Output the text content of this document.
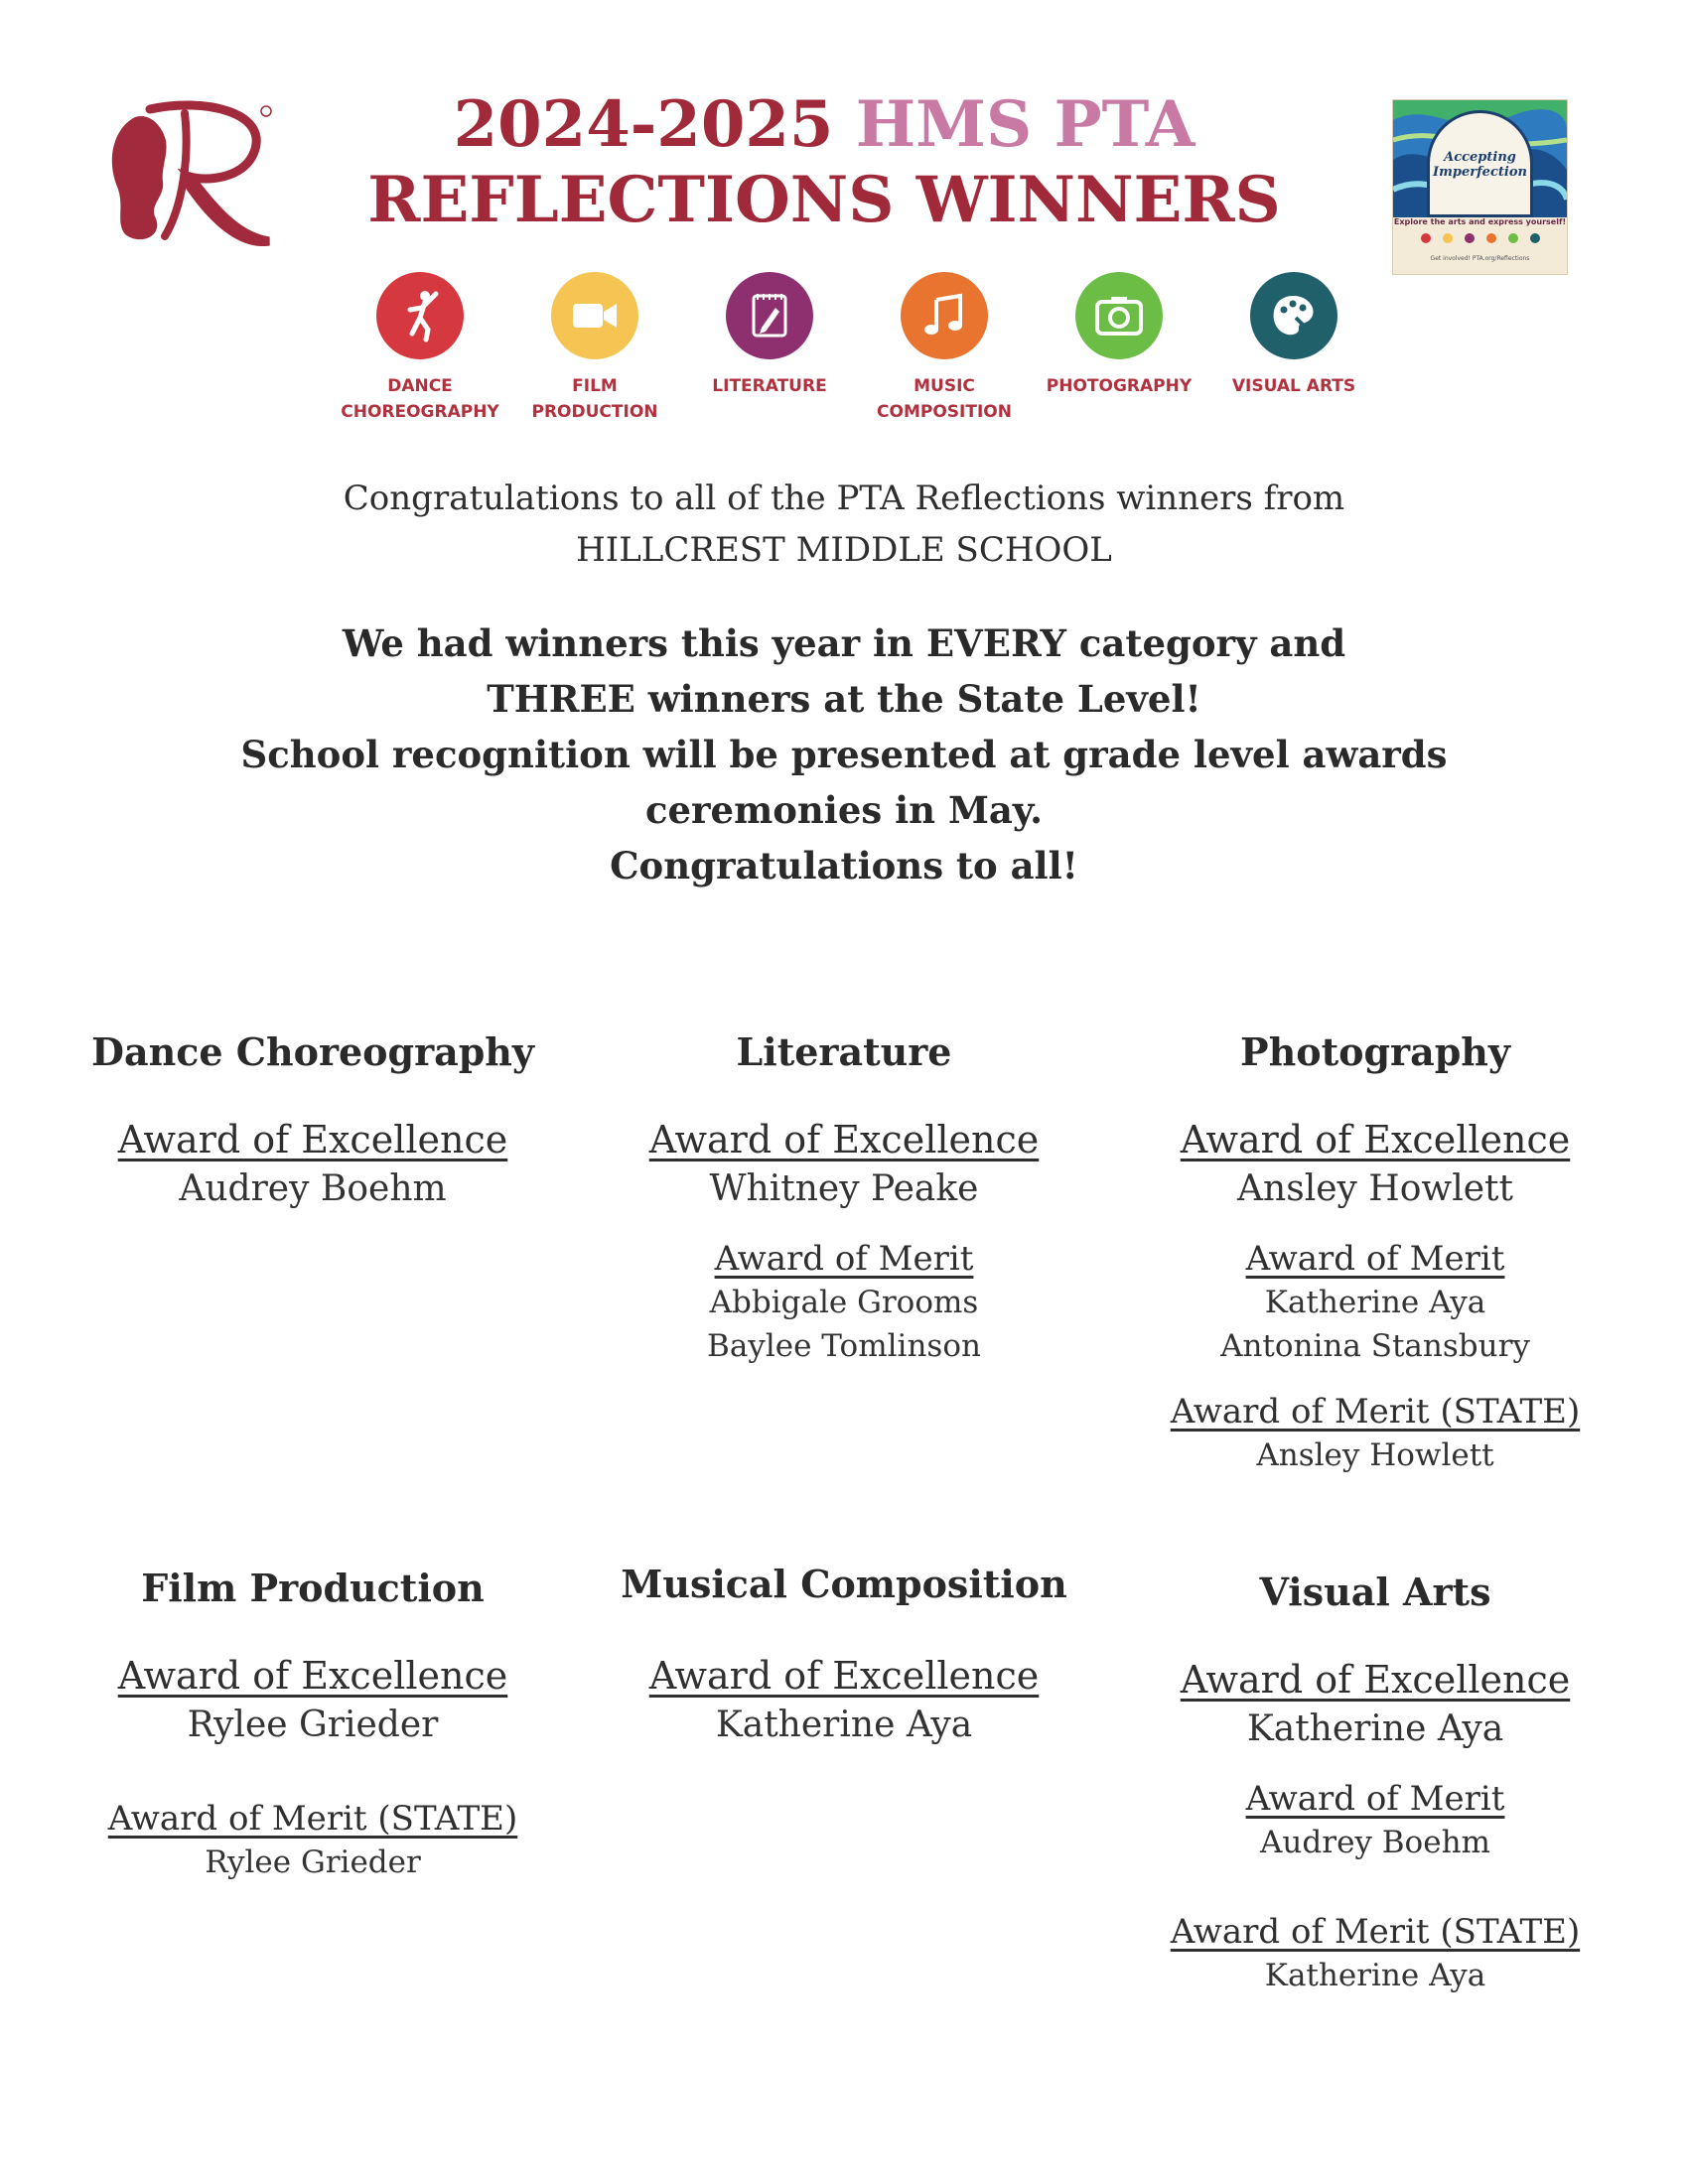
2024-2025 HMS PTA
REFLECTIONS WINNERS
Accepting Imperfection
Explore the arts and express yourself!
Get involved! PTA.org/Reflections
DANCE
CHOREOGRAPHY
FILM
PRODUCTION
LITERATURE	MUSIC
COMPOSITION
PHOTOGRAPHY	VISUAL ARTS
Congratulations to all of the PTA Reflections winners from
HILLCREST MIDDLE SCHOOL
We had winners this year in EVERY category and
THREE winners at the State Level!
School recognition will be presented at grade level awards
ceremonies in May.
Congratulations to all!
Dance Choreography
Award of Excellence
Audrey Boehm
Literature
Award of Excellence
Whitney Peake
Award of Merit
Abbigale Grooms
Baylee Tomlinson
Photography
Award of Excellence
Ansley Howlett
Award of Merit
Katherine Aya
Antonina Stansbury
Award of Merit (STATE)
Ansley Howlett
Film Production
Award of Excellence
Rylee Grieder
Award of Merit (STATE)
Rylee Grieder
Musical Composition
Award of Excellence
Katherine Aya
Visual Arts
Award of Excellence
Katherine Aya
Award of Merit
Audrey Boehm
Award of Merit (STATE)
Katherine Aya
